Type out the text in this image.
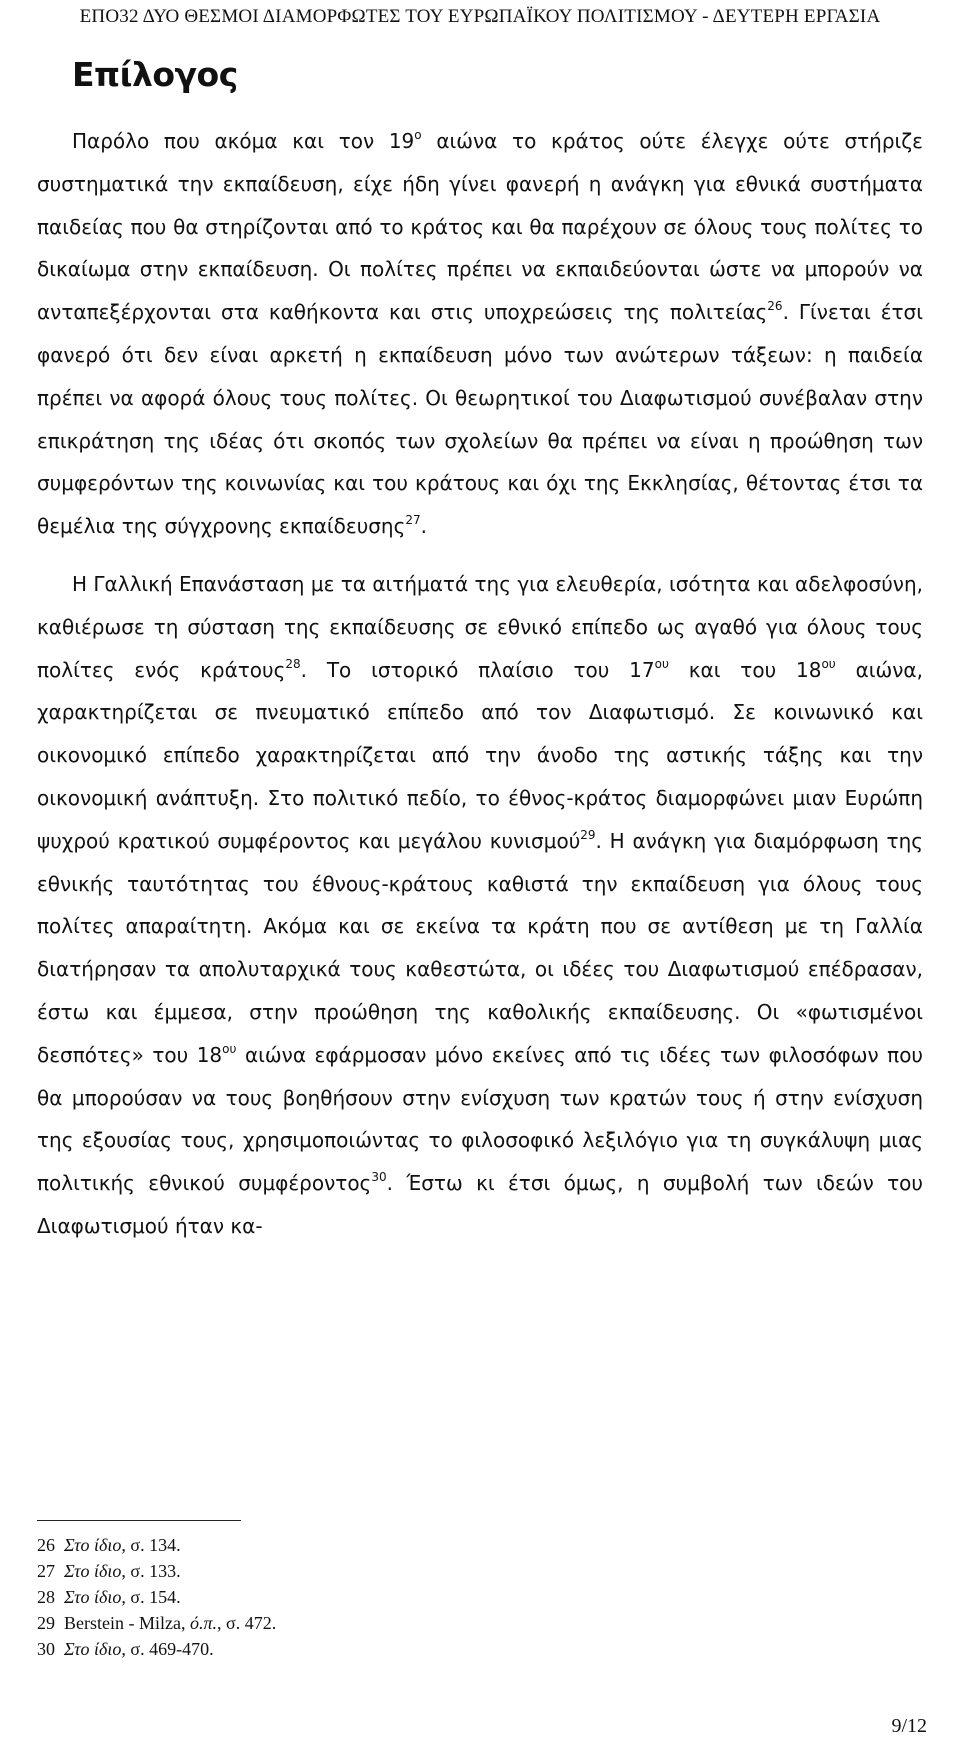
ΕΠΟ32 ΔΥΟ ΘΕΣΜΟΙ ΔΙΑΜΟΡΦΩΤΕΣ ΤΟΥ ΕΥΡΩΠΑΪΚΟΥ ΠΟΛΙΤΙΣΜΟΥ - ΔΕΥΤΕΡΗ ΕΡΓΑΣΙΑ
Επίλογος

Παρόλο που ακόμα και τον $19^o$ αιώνα το κράτος ούτε έλεγχε ούτε στήριζε συστηματικά την εκπαίδευση, είχε ήδη γίνει φανερή η ανάγκη για εθνικά συστήματα παιδείας που θα στηρίζονται από το κράτος και θα παρέχουν σε όλους τους πολίτες το δικαίωμα στην εκπαίδευση. Οι πολίτες πρέπει να εκπαιδεύονται ώστε να μπορούν να ανταπεξέρχονται στα καθήκοντα και στις υποχρεώσεις της πολιτείας$^{26}$. Γίνεται έτσι φανερό ότι δεν είναι αρκετή η εκπαίδευση μόνο των ανώτερων τάξεων: η παιδεία πρέπει να αφορά όλους τους πολίτες. Οι θεωρητικοί του Διαφωτισμού συνέβαλαν στην επικράτηση της ιδέας ότι σκοπός των σχολείων θα πρέπει να είναι η προώθηση των συμφερόντων της κοινωνίας και του κράτους και όχι της Εκκλησίας, θέτοντας έτσι τα θεμέλια της σύγχρονης εκπαίδευσης$^{27}$.

Η Γαλλική Επανάσταση με τα αιτήματά της για ελευθερία, ισότητα και αδελφοσύνη, καθιέρωσε τη σύσταση της εκπαίδευσης σε εθνικό επίπεδο ως αγαθό για όλους τους πολίτες ενός κράτους$^{28}$. Το ιστορικό πλαίσιο του $17^{o\upsilon}$ και του $18^{o\upsilon}$ αιώνα, χαρακτηρίζεται σε πνευματικό επίπεδο από τον Διαφωτισμό. Σε κοινωνικό και οικονομικό επίπεδο χαρακτηρίζεται από την άνοδο της αστικής τάξης και την οικονομική ανάπτυξη. Στο πολιτικό πεδίο, το έθνος-κράτος διαμορφώνει μιαν Ευρώπη ψυχρού κρατικού συμφέροντος και μεγάλου κυνισμού$^{29}$. Η ανάγκη για διαμόρφωση της εθνικής ταυτότητας του έθνους-κράτους καθιστά την εκπαίδευση για όλους τους πολίτες απαραίτητη. Ακόμα και σε εκείνα τα κράτη που σε αντίθεση με τη Γαλλία διατήρησαν τα απολυταρχικά τους καθεστώτα, οι ιδέες του Διαφωτισμού επέδρασαν, έστω και έμμεσα, στην προώθηση της καθολικής εκπαίδευσης. Οι «φωτισμένοι δεσπότες» του $18^{o\upsilon}$ αιώνα εφάρμοσαν μόνο εκείνες από τις ιδέες των φιλοσόφων που θα μπορούσαν να τους βοηθήσουν στην ενίσχυση των κρατών τους ή στην ενίσχυση της εξουσίας τους, χρησιμοποιώντας το φιλοσοφικό λεξιλόγιο για τη συγκάλυψη μιας πολιτικής εθνικού συμφέροντος$^{30}$. Έστω κι έτσι όμως, η συμβολή των ιδεών του Διαφωτισμού ήταν κα-

26 Στο ίδιο, σ. 134.
27 Στο ίδιο, σ. 133.
28 Στο ίδιο, σ. 154.
29 Berstein - Milza, ό.π., σ. 472.
30 Στο ίδιο, σ. 469-470.
9/12
